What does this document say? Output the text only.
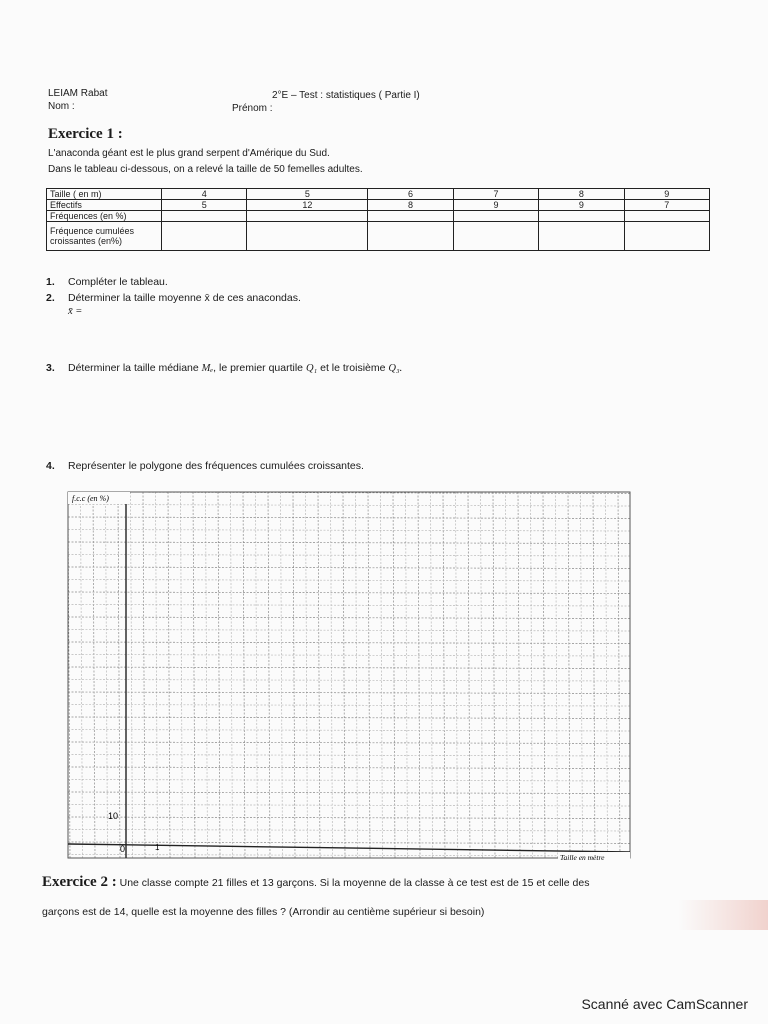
LEIAM Rabat	2°E – Test : statistiques ( Partie I)
Nom :	Prénom :
Exercice 1 :
L'anaconda géant est le plus grand serpent d'Amérique du Sud.
Dans le tableau ci-dessous, on a relevé la taille de 50 femelles adultes.
Taille ( en m)	4	5	6	7	8	9
Effectifs	5	12	8	9	9	7
Fréquences (en %)						
Fréquence cumulées croissantes (en%)						
1. Compléter le tableau.
2. Déterminer la taille moyenne x̄ de ces anacondas.
x̄ =
3. Déterminer la taille médiane Mₑ, le premier quartile Q₁ et le troisième Q₃.
4. Représenter le polygone des fréquences cumulées croissantes.
f.c.c (en %)
10
0	1
Taille en mètre
Exercice 2 : Une classe compte 21 filles et 13 garçons. Si la moyenne de la classe à ce test est de 15 et celle des
garçons est de 14, quelle est la moyenne des filles ? (Arrondir au centième supérieur si besoin)
Scanné avec CamScanner
